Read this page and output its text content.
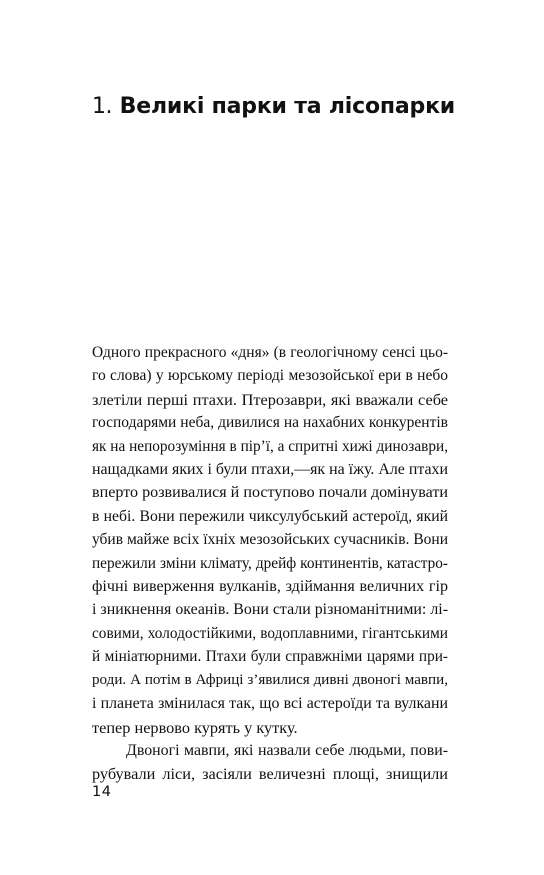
1. Великі парки та лісопарки
Одного прекрасного «дня» (в геологічному сенсі цьо-
го слова) у юрському періоді мезозойської ери в небо
злетіли перші птахи. Птерозаври, які вважали себе
господарями неба, дивилися на нахабних конкурентів
як на непорозуміння в пір’ї, а спритні хижі динозаври,
нащадками яких і були птахи,—як на їжу. Але птахи
вперто розвивалися й поступово почали домінувати
в небі. Вони пережили чиксулубський астероїд, який
убив майже всіх їхніх мезозойських сучасників. Вони
пережили зміни клімату, дрейф континентів, катастро-
фічні виверження вулканів, здіймання величних гір
і зникнення океанів. Вони стали різноманітними: лі-
совими, холодостійкими, водоплавними, гігантськими
й мініатюрними. Птахи були справжніми царями при-
роди. А потім в Африці з’явилися дивні двоногі мавпи,
і планета змінилася так, що всі астероїди та вулкани
тепер нервово курять у кутку.
Двоногі мавпи, які назвали себе людьми, пови-
рубували ліси, засіяли величезні площі, знищили
14
